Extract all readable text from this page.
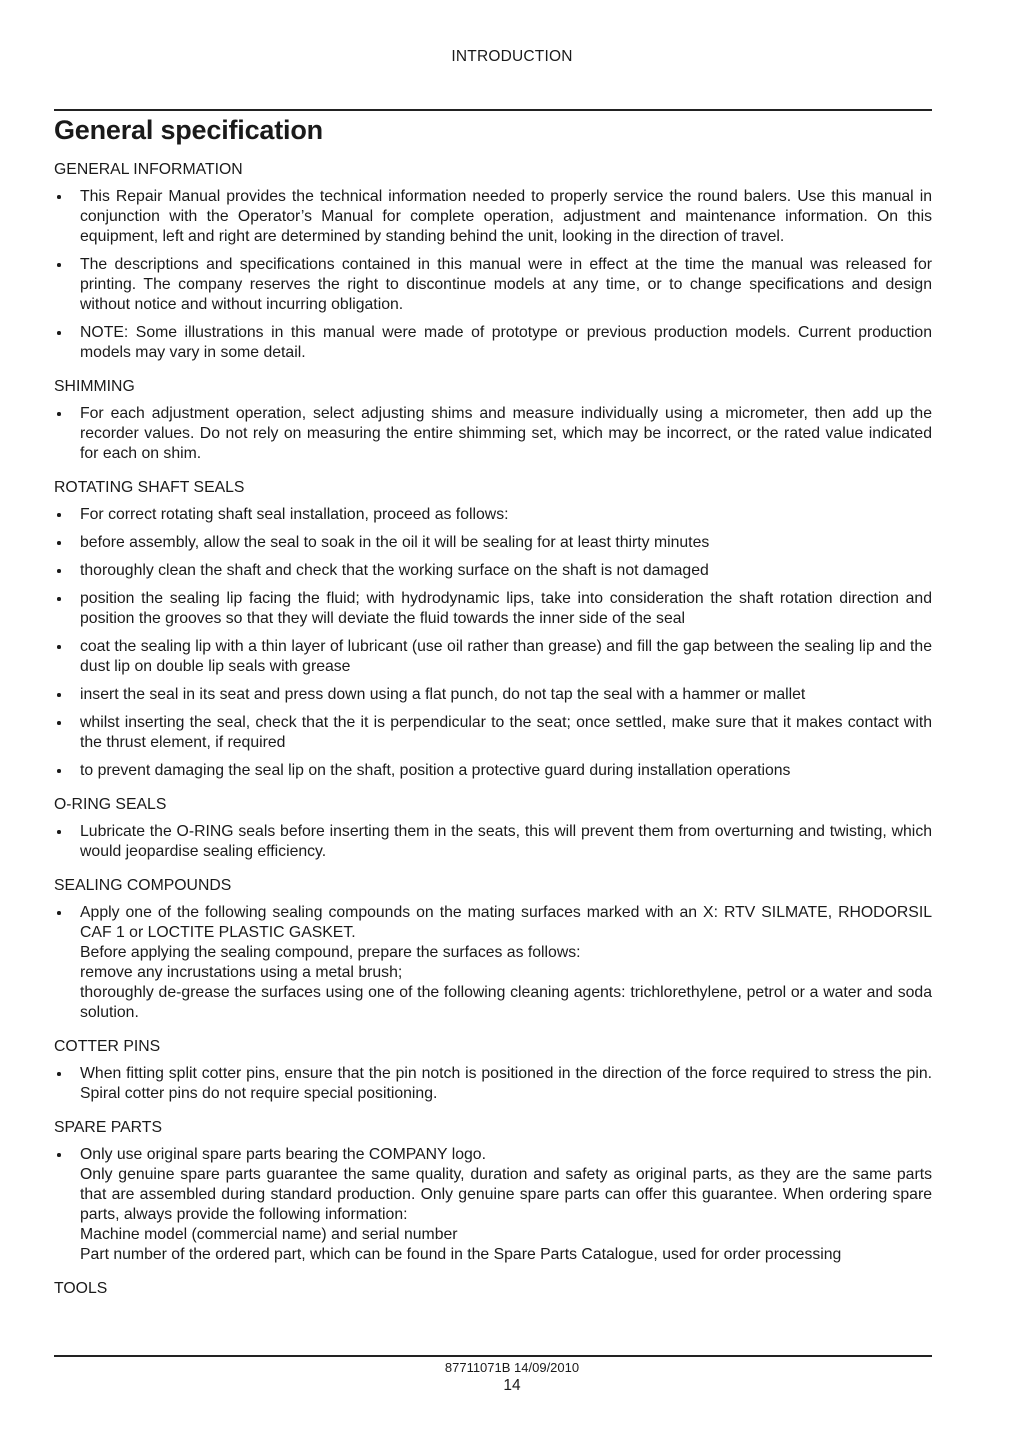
INTRODUCTION
General specification
GENERAL INFORMATION
This Repair Manual provides the technical information needed to properly service the round balers. Use this manual in conjunction with the Operator’s Manual for complete operation, adjustment and maintenance information. On this equipment, left and right are determined by standing behind the unit, looking in the direction of travel.
The descriptions and specifications contained in this manual were in effect at the time the manual was released for printing. The company reserves the right to discontinue models at any time, or to change specifications and design without notice and without incurring obligation.
NOTE: Some illustrations in this manual were made of prototype or previous production models. Current production models may vary in some detail.
SHIMMING
For each adjustment operation, select adjusting shims and measure individually using a micrometer, then add up the recorder values. Do not rely on measuring the entire shimming set, which may be incorrect, or the rated value indicated for each on shim.
ROTATING SHAFT SEALS
For correct rotating shaft seal installation, proceed as follows:
before assembly, allow the seal to soak in the oil it will be sealing for at least thirty minutes
thoroughly clean the shaft and check that the working surface on the shaft is not damaged
position the sealing lip facing the fluid; with hydrodynamic lips, take into consideration the shaft rotation direction and position the grooves so that they will deviate the fluid towards the inner side of the seal
coat the sealing lip with a thin layer of lubricant (use oil rather than grease) and fill the gap between the sealing lip and the dust lip on double lip seals with grease
insert the seal in its seat and press down using a flat punch, do not tap the seal with a hammer or mallet
whilst inserting the seal, check that the it is perpendicular to the seat; once settled, make sure that it makes contact with the thrust element, if required
to prevent damaging the seal lip on the shaft, position a protective guard during installation operations
O-RING SEALS
Lubricate the O-RING seals before inserting them in the seats, this will prevent them from overturning and twisting, which would jeopardise sealing efficiency.
SEALING COMPOUNDS
Apply one of the following sealing compounds on the mating surfaces marked with an X: RTV SILMATE, RHODORSIL CAF 1 or LOCTITE PLASTIC GASKET.
Before applying the sealing compound, prepare the surfaces as follows:
remove any incrustations using a metal brush;
thoroughly de-grease the surfaces using one of the following cleaning agents: trichlorethylene, petrol or a water and soda solution.
COTTER PINS
When fitting split cotter pins, ensure that the pin notch is positioned in the direction of the force required to stress the pin. Spiral cotter pins do not require special positioning.
SPARE PARTS
Only use original spare parts bearing the COMPANY logo.
Only genuine spare parts guarantee the same quality, duration and safety as original parts, as they are the same parts that are assembled during standard production. Only genuine spare parts can offer this guarantee. When ordering spare parts, always provide the following information:
Machine model (commercial name) and serial number
Part number of the ordered part, which can be found in the Spare Parts Catalogue, used for order processing
TOOLS
87711071B 14/09/2010
14
